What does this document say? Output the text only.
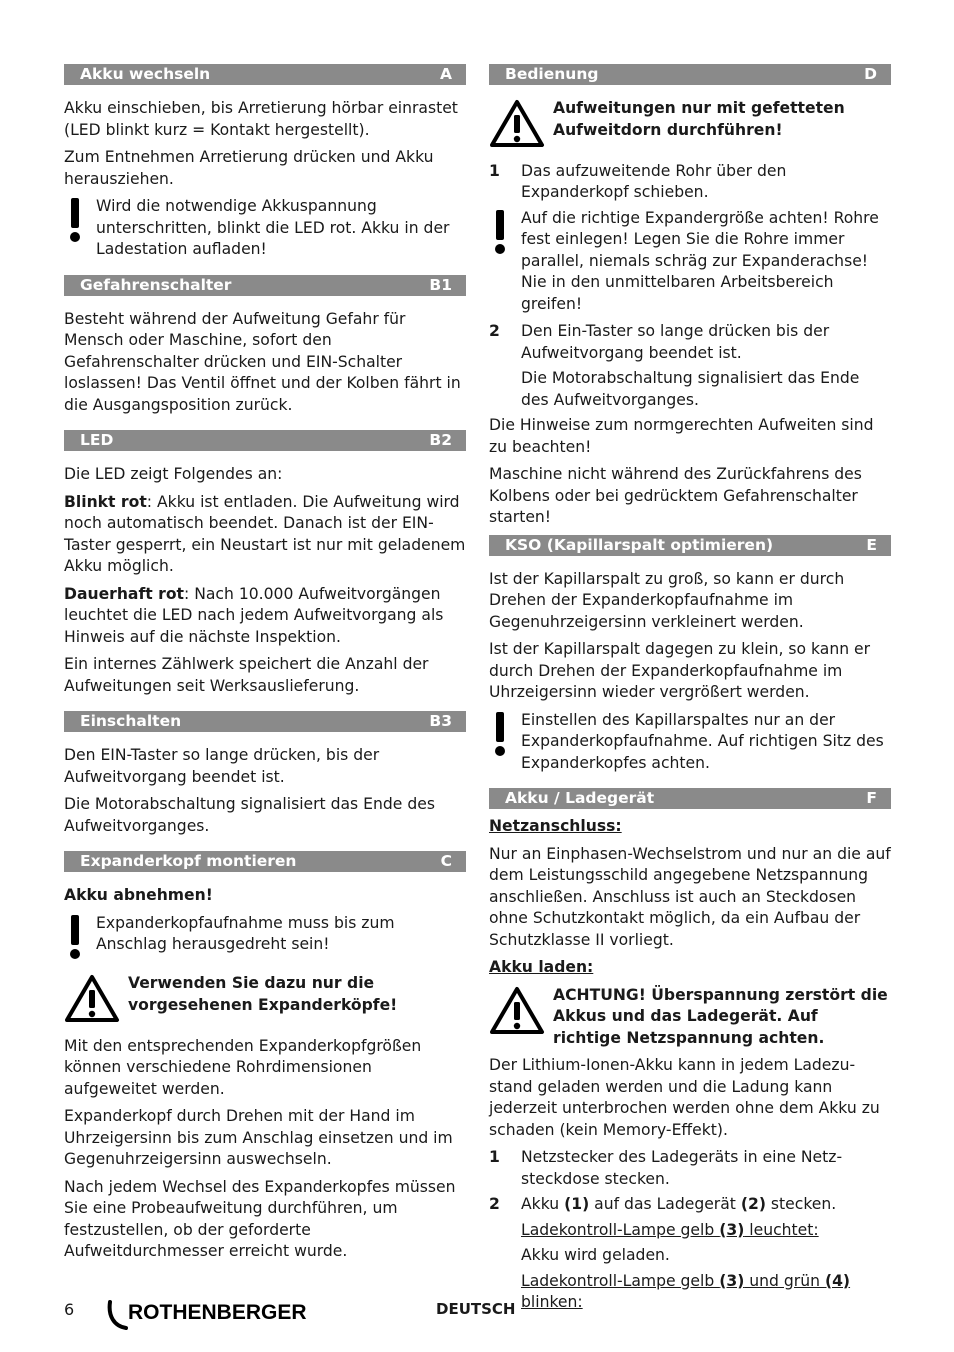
Akku wechseln	A

Akku einschieben, bis Arretierung hörbar einrastet (LED blinkt kurz = Kontakt hergestellt).

Zum Entnehmen Arretierung drücken und Akku herausziehen.

Wird die notwendige Akkuspannung unterschritten, blinkt die LED rot. Akku in der Ladestation aufladen!
Gefahrenschalter	B1

Besteht während der Aufweitung Gefahr für Mensch oder Maschine, sofort den Gefahrenschalter drücken und EIN-Schalter loslassen! Das Ventil öffnet und der Kolben fährt in die Ausgangsposition zurück.

LED	B2

Die LED zeigt Folgendes an:

Blinkt rot: Akku ist entladen. Die Aufweitung wird noch automatisch beendet. Danach ist der EIN-Taster gesperrt, ein Neustart ist nur mit geladenem Akku möglich.

Dauerhaft rot: Nach 10.000 Aufweitvorgängen leuchtet die LED nach jedem Aufweitvorgang als Hinweis auf die nächste Inspektion.

Ein internes Zählwerk speichert die Anzahl der Aufweitungen seit Werksauslieferung.

Einschalten	B3

Den EIN-Taster so lange drücken, bis der Aufweitvorgang beendet ist.

Die Motorabschaltung signalisiert das Ende des Aufweitvorganges.

Expanderkopf montieren	C

Akku abnehmen!

Expanderkopfaufnahme muss bis zum Anschlag herausgedreht sein!
Verwenden Sie dazu nur die vorgesehenen Expanderköpfe!

Mit den entsprechenden Expanderkopfgrößen können verschiedene Rohrdimensionen aufgeweitet werden.

Expanderkopf durch Drehen mit der Hand im Uhrzeigersinn bis zum Anschlag einsetzen und im Gegenuhrzeigersinn auswechseln.

Nach jedem Wechsel des Expanderkopfes müssen Sie eine Probeaufweitung durchführen, um festzustellen, ob der geforderte Aufweitdurchmesser erreicht wurde.

Bedienung	D
Aufweitungen nur mit gefetteten Aufweitdorn durchführen!
1	Das aufzuweitende Rohr über den Expanderkopf schieben.
Auf die richtige Expandergröße achten! Rohre fest einlegen! Legen Sie die Rohre immer parallel, niemals schräg zur Expanderachse! Nie in den unmittelbaren Arbeitsbereich greifen!
2	Den Ein-Taster so lange drücken bis der Aufweitvorgang beendet ist.
Die Motorabschaltung signalisiert das Ende des Aufweitvorganges.

Die Hinweise zum normgerechten Aufweiten sind zu beachten!

Maschine nicht während des Zurückfahrens des Kolbens oder bei gedrücktem Gefahrenschalter starten!

KSO (Kapillarspalt optimieren)	E

Ist der Kapillarspalt zu groß, so kann er durch Drehen der Expanderkopfaufnahme im Gegenuhrzeigersinn verkleinert werden.

Ist der Kapillarspalt dagegen zu klein, so kann er durch Drehen der Expanderkopfaufnahme im Uhrzeigersinn wieder vergrößert werden.

Einstellen des Kapillarspaltes nur an der Expanderkopfaufnahme. Auf richtigen Sitz des Expanderkopfes achten.
Akku / Ladegerät	F

Netzanschluss:

Nur an Einphasen-Wechselstrom und nur an die auf dem Leistungsschild angegebene Netzspannung anschließen. Anschluss ist auch an Steckdosen ohne Schutzkontakt möglich, da ein Aufbau der Schutzklasse II vorliegt.

Akku laden:

ACHTUNG! Überspannung zerstört die Akkus und das Ladegerät. Auf richtige Netzspannung achten.

Der Lithium-Ionen-Akku kann in jedem Ladezu-stand geladen werden und die Ladung kann jederzeit unterbrochen werden ohne dem Akku zu schaden (kein Memory-Effekt).

1	Netzstecker des Ladegeräts in eine Netz-steckdose stecken.
2	Akku (1) auf das Ladegerät (2) stecken.
Ladekontroll-Lampe gelb (3) leuchtet:
Akku wird geladen.
Ladekontroll-Lampe gelb (3) und grün (4) blinken:
6	ROTHENBERGER	DEUTSCH
